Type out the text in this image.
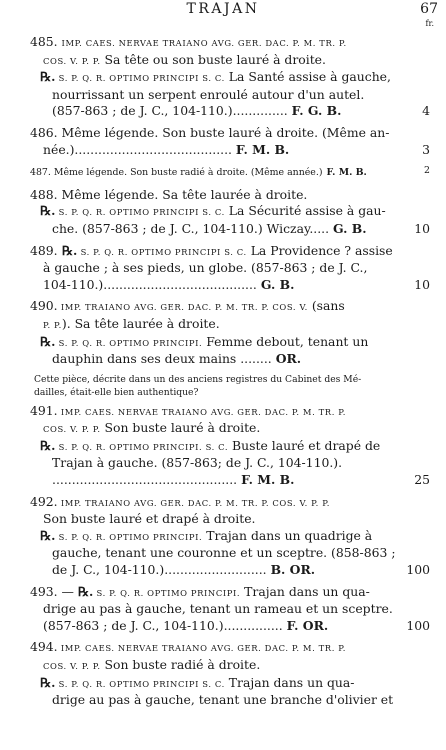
TRAJAN	67
fr.
485. IMP. CAES. NERVAE TRAIANO AVG. GER. DAC. P. M. TR. P.
COS. V. P. P. Sa tête ou son buste lauré à droite.
℞. S. P. Q. R. OPTIMO PRINCIPI S. C. La Santé assise à gauche,
nourrissant un serpent enroulé autour d'un autel.
(857-863 ; de J. C., 104-110.).............. F. G. B.	4
486. Même légende. Son buste lauré à droite. (Même an-
née.)........................................ F. M. B.	3
487. Même légende. Son buste radié à droite. (Même année.) F. M. B.	2
488. Même légende. Sa tête laurée à droite.
℞. S. P. Q. R. OPTIMO PRINCIPI S. C. La Sécurité assise à gau-
che. (857-863 ; de J. C., 104-110.) Wiczay..... G. B.	10
489. ℞. S. P. Q. R. OPTIMO PRINCIPI S. C. La Providence ? assise
à gauche ; à ses pieds, un globe. (857-863 ; de J. C.,
104-110.)....................................... G. B.	10
490. IMP. TRAIANO AVG. GER. DAC. P. M. TR. P. COS. V. (sans
P. P.). Sa tête laurée à droite.
℞. S. P. Q. R. OPTIMO PRINCIPI. Femme debout, tenant un
dauphin dans ses deux mains ........ OR.
Cette pièce, décrite dans un des anciens registres du Cabinet des Mé-
dailles, était-elle bien authentique?
491. IMP. CAES. NERVAE TRAIANO AVG. GER. DAC. P. M. TR. P.
COS. V. P. P. Son buste lauré à droite.
℞. S. P. Q. R. OPTIMO PRINCIPI. S. C. Buste lauré et drapé de
Trajan à gauche. (857-863; de J. C., 104-110.).
............................................... F. M. B.	25
492. IMP. TRAIANO AVG. GER. DAC. P. M. TR. P. COS. V. P. P.
Son buste lauré et drapé à droite.
℞. S. P. Q. R. OPTIMO PRINCIPI. Trajan dans un quadrige à
gauche, tenant une couronne et un sceptre. (858-863 ;
de J. C., 104-110.).......................... B. OR.	100
493. — ℞. S. P. Q. R. OPTIMO PRINCIPI. Trajan dans un qua-
drige au pas à gauche, tenant un rameau et un sceptre.
(857-863 ; de J. C., 104-110.)............... F. OR.	100
494. IMP. CAES. NERVAE TRAIANO AVG. GER. DAC. P. M. TR. P.
COS. V. P. P. Son buste radié à droite.
℞. S. P. Q. R. OPTIMO PRINCIPI S. C. Trajan dans un qua-
drige au pas à gauche, tenant une branche d'olivier et
